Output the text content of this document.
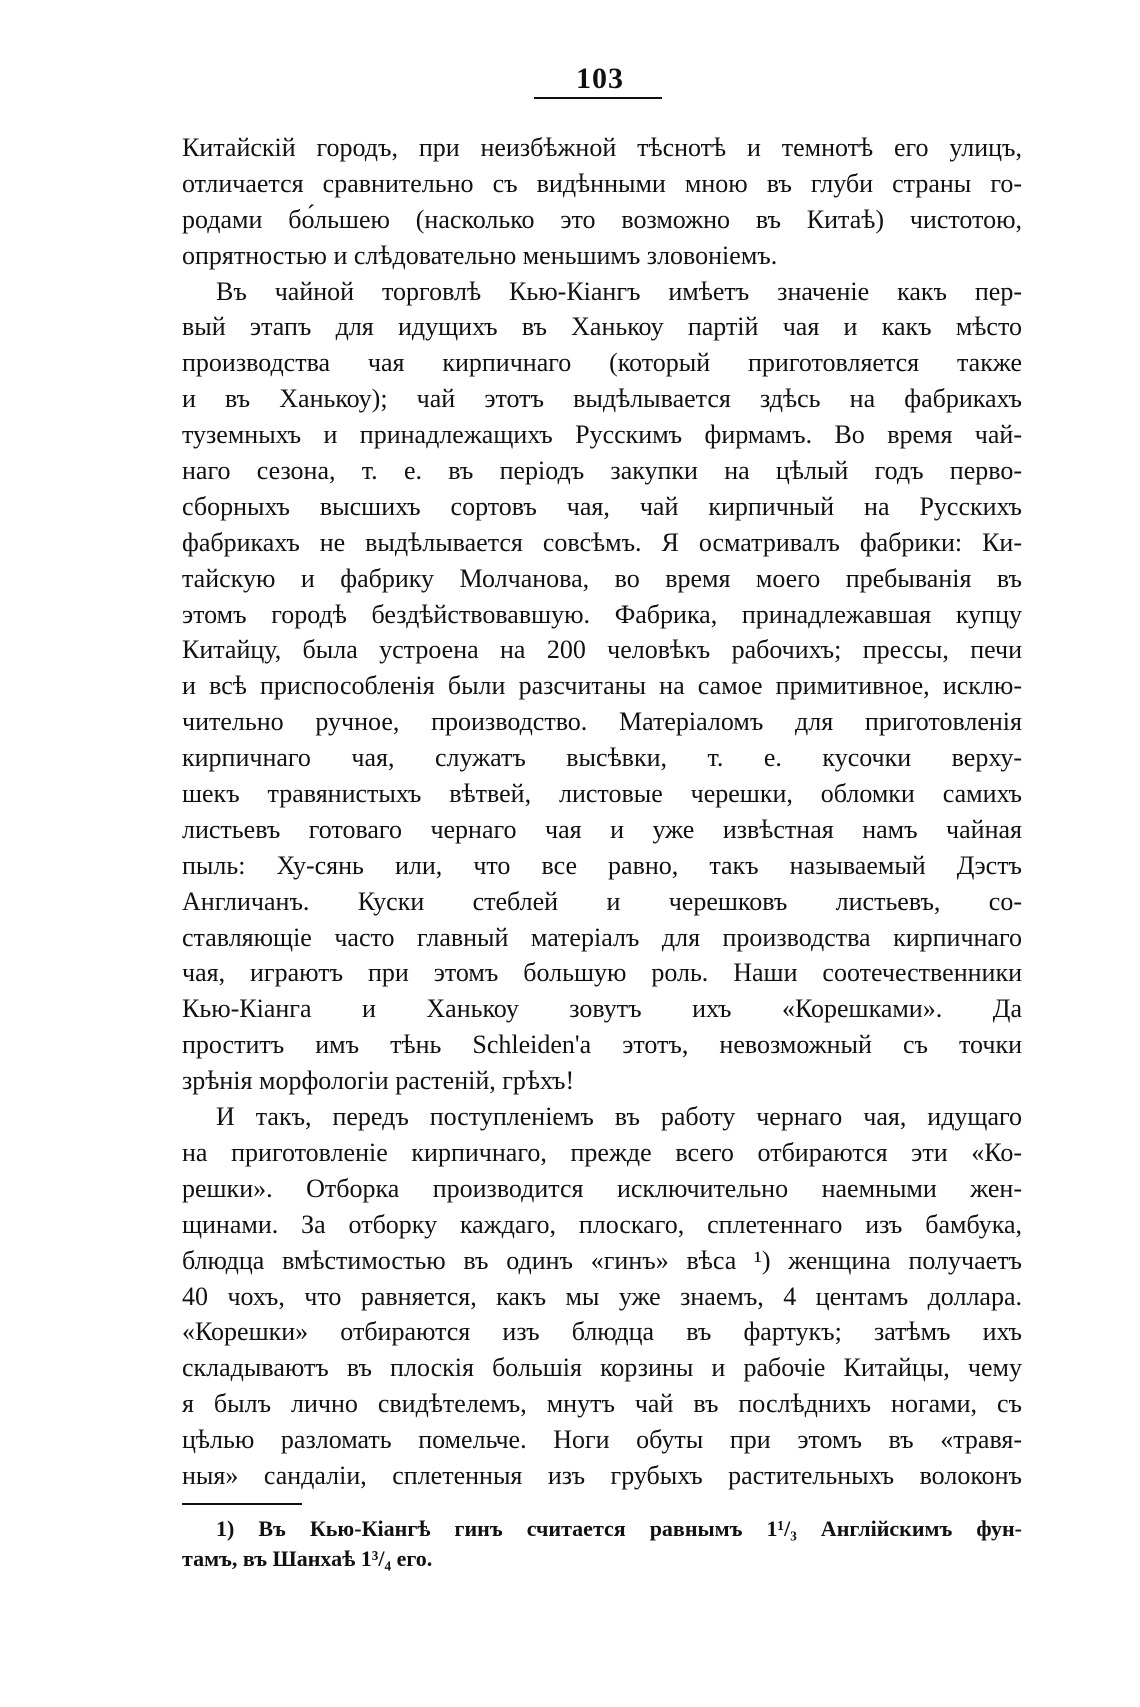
103
Китайскій городъ, при неизбѣжной тѣснотѣ и темнотѣ его улицъ,
отличается сравнительно съ видѣнными мною въ глуби страны го-
родами бо́льшею (насколько это возможно въ Китаѣ) чистотою,
опрятностью и слѣдовательно меньшимъ зловоніемъ.
Въ чайной торговлѣ Кью-Кіангъ имѣетъ значеніе какъ пер-
вый этапъ для идущихъ въ Ханькоу партій чая и какъ мѣсто
производства чая кирпичнаго (который приготовляется также
и въ Ханькоу); чай этотъ выдѣлывается здѣсь на фабрикахъ
туземныхъ и принадлежащихъ Русскимъ фирмамъ. Во время чай-
наго сезона, т. е. въ періодъ закупки на цѣлый годъ перво-
сборныхъ высшихъ сортовъ чая, чай кирпичный на Русскихъ
фабрикахъ не выдѣлывается совсѣмъ. Я осматривалъ фабрики: Ки-
тайскую и фабрику Молчанова, во время моего пребыванія въ
этомъ городѣ бездѣйствовавшую. Фабрика, принадлежавшая купцу
Китайцу, была устроена на 200 человѣкъ рабочихъ; прессы, печи
и всѣ приспособленія были разсчитаны на самое примитивное, исклю-
чительно ручное, производство. Матеріаломъ для приготовленія
кирпичнаго чая, служатъ высѣвки, т. е. кусочки верху-
шекъ травянистыхъ вѣтвей, листовые черешки, обломки самихъ
листьевъ готоваго чернаго чая и уже извѣстная намъ чайная
пыль: Ху-сянь или, что все равно, такъ называемый Дэстъ
Англичанъ. Куски стеблей и черешковъ листьевъ, со-
ставляющіе часто главный матеріалъ для производства кирпичнаго
чая, играютъ при этомъ большую роль. Наши соотечественники
Кью-Кіанга и Ханькоу зовутъ ихъ «Корешками». Да
проститъ имъ тѣнь Schleiden'а этотъ, невозможный съ точки
зрѣнія морфологіи растеній, грѣхъ!
И такъ, передъ поступленіемъ въ работу чернаго чая, идущаго
на приготовленіе кирпичнаго, прежде всего отбираются эти «Ко-
решки». Отборка производится исключительно наемными жен-
щинами. За отборку каждаго, плоскаго, сплетеннаго изъ бамбука,
блюдца вмѣстимостью въ одинъ «гинъ» вѣса ¹) женщина получаетъ
40 чохъ, что равняется, какъ мы уже знаемъ, 4 центамъ доллара.
«Корешки» отбираются изъ блюдца въ фартукъ; затѣмъ ихъ
складываютъ въ плоскія большія корзины и рабочіе Китайцы, чему
я былъ лично свидѣтелемъ, мнутъ чай въ послѣднихъ ногами, съ
цѣлью разломать помельче. Ноги обуты при этомъ въ «травя-
ныя» сандаліи, сплетенныя изъ грубыхъ растительныхъ волоконъ
1) Въ Кью-Кіангѣ гинъ считается равнымъ 1¹/₃ Англійскимъ фун-
тамъ, въ Шанхаѣ 1³/₄ его.
